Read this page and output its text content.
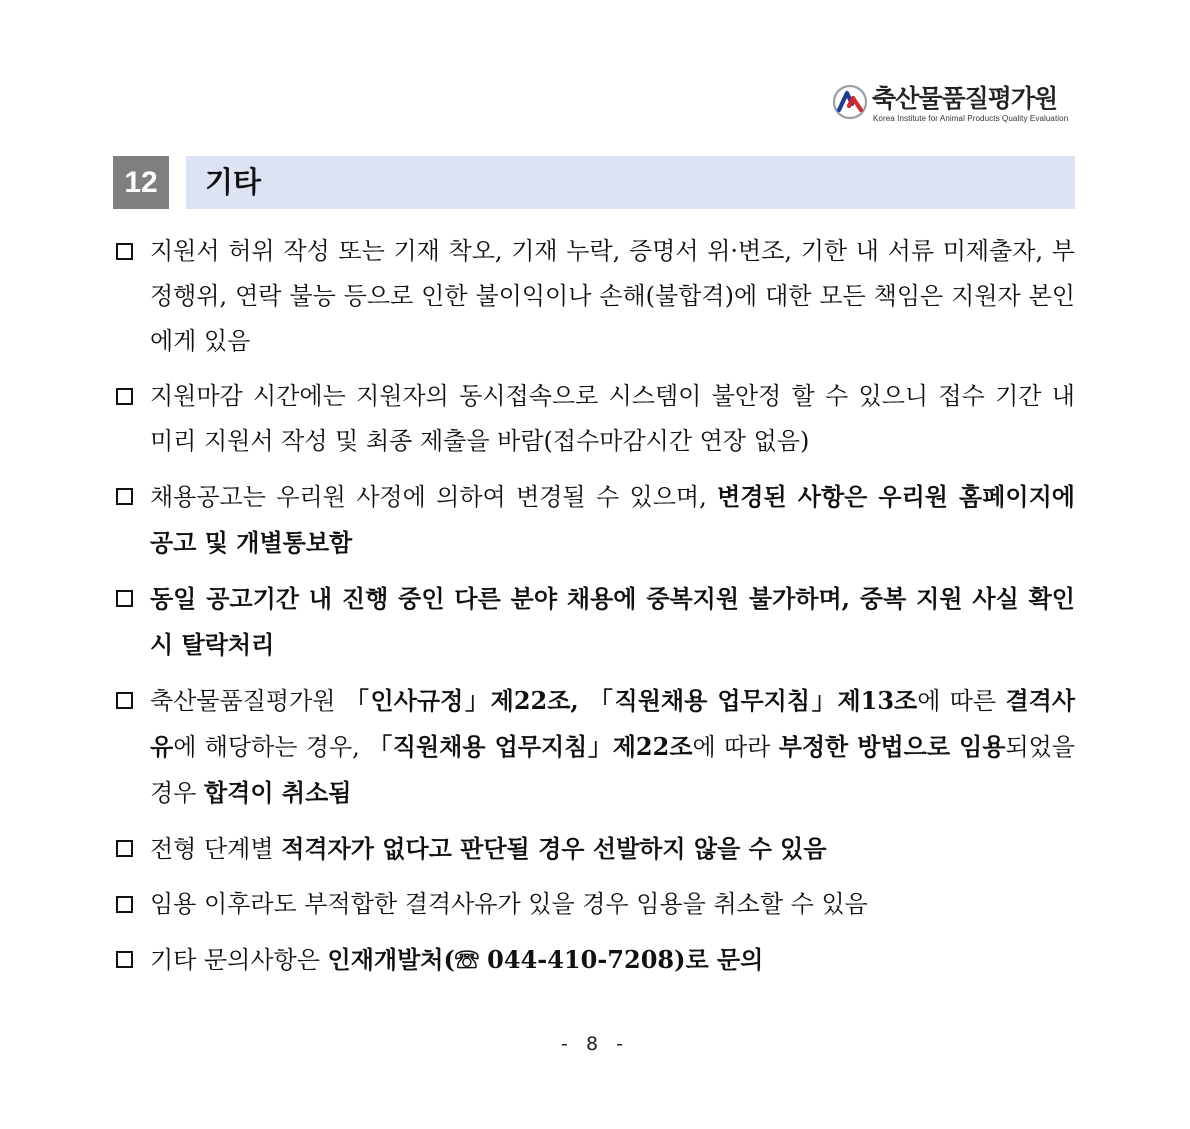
축산물품질평가원
Korea Institute for Animal Products Quality Evaluation
12	기타
지원서 허위 작성 또는 기재 착오, 기재 누락, 증명서 위·변조, 기한 내 서류 미제출자, 부정행위, 연락 불능 등으로 인한 불이익이나 손해(불합격)에 대한 모든 책임은 지원자 본인에게 있음
지원마감 시간에는 지원자의 동시접속으로 시스템이 불안정 할 수 있으니 접수 기간 내 미리 지원서 작성 및 최종 제출을 바람(접수마감시간 연장 없음)
채용공고는 우리원 사정에 의하여 변경될 수 있으며, 변경된 사항은 우리원 홈페이지에 공고 및 개별통보함
동일 공고기간 내 진행 중인 다른 분야 채용에 중복지원 불가하며, 중복 지원 사실 확인 시 탈락처리
축산물품질평가원 「인사규정」제22조, 「직원채용 업무지침」제13조에 따른 결격사유에 해당하는 경우, 「직원채용 업무지침」제22조에 따라 부정한 방법으로 임용되었을 경우 합격이 취소됨
전형 단계별 적격자가 없다고 판단될 경우 선발하지 않을 수 있음
임용 이후라도 부적합한 결격사유가 있을 경우 임용을 취소할 수 있음
기타 문의사항은 인재개발처(☏ 044-410-7208)로 문의
- 8 -
